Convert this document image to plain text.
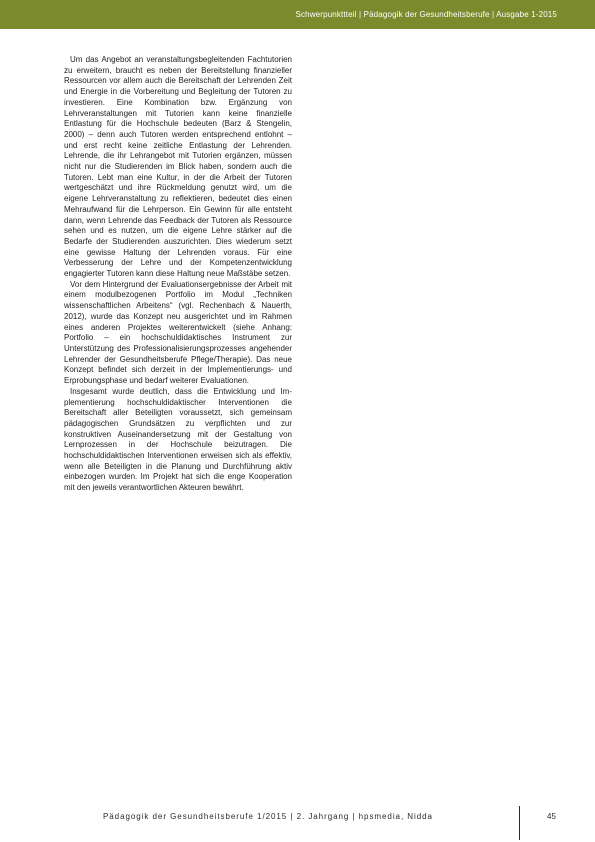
Schwerpunkttteil | Pädagogik der Gesundheitsberufe | Ausgabe 1-2015

Um das Angebot an veranstaltungsbegleitenden Fachtutorien zu erweitern, braucht es neben der Bereitstellung finanzieller Ressourcen vor allem auch die Bereitschaft der Lehrenden Zeit und Energie in die Vorbereitung und Begleitung der Tutoren zu investieren. Eine Kombination bzw. Ergänzung von Lehrveranstaltungen mit Tutorien kann keine finanzielle Entlastung für die Hochschule bedeuten (Barz & Stengelin, 2000) – denn auch Tutoren werden entsprechend entlohnt – und erst recht keine zeitliche Entlastung der Lehrenden. Lehrende, die ihr Lehrangebot mit Tutorien ergänzen, müssen nicht nur die Studierenden im Blick haben, sondern auch die Tutoren. Lebt man eine Kultur, in der die Arbeit der Tutoren wertgeschätzt und ihre Rückmeldung genutzt wird, um die eigene Lehrveranstaltung zu reflektieren, bedeutet dies einen Mehraufwand für die Lehrperson. Ein Gewinn für alle entsteht dann, wenn Lehrende das Feedback der Tutoren als Ressource sehen und es nutzen, um die eigene Lehre stärker auf die Bedarfe der Studierenden auszurichten. Dies wiederum setzt eine gewisse Haltung der Lehrenden voraus. Für eine Verbesserung der Lehre und der Kompetenzentwicklung engagierter Tutoren kann diese Haltung neue Maßstäbe setzen.

Vor dem Hintergrund der Evaluationsergebnisse der Arbeit mit einem modulbezogenen Portfolio im Modul „Techniken wissenschaftlichen Arbeitens“ (vgl. Rechenbach & Nauerth, 2012), wurde das Konzept neu ausgerichtet und im Rahmen eines anderen Projektes weiterentwickelt (siehe Anhang: Portfolio – ein hochschuldidaktisches Instrument zur Unterstützung des Professionalisierungsprozesses angehender Lehrender der Gesundheitsberufe Pflege/Therapie). Das neue Konzept befindet sich derzeit in der Implementierungs- und Erprobungsphase und bedarf weiterer Evaluationen.

Insgesamt wurde deutlich, dass die Entwicklung und Implementierung hochschuldidaktischer Interventionen die Bereitschaft aller Beteiligten voraussetzt, sich gemeinsam pädagogischen Grundsätzen zu verpflichten und zur konstruktiven Auseinandersetzung mit der Gestaltung von Lernprozessen in der Hochschule beizutragen. Die hochschuldidaktischen Interventionen erweisen sich als effektiv, wenn alle Beteiligten in die Planung und Durchführung aktiv einbezogen wurden. Im Projekt hat sich die enge Kooperation mit den jeweils verantwortlichen Akteuren bewährt.

Pädagogik der Gesundheitsberufe 1/2015 | 2. Jahrgang | hpsmedia, Nidda	45
